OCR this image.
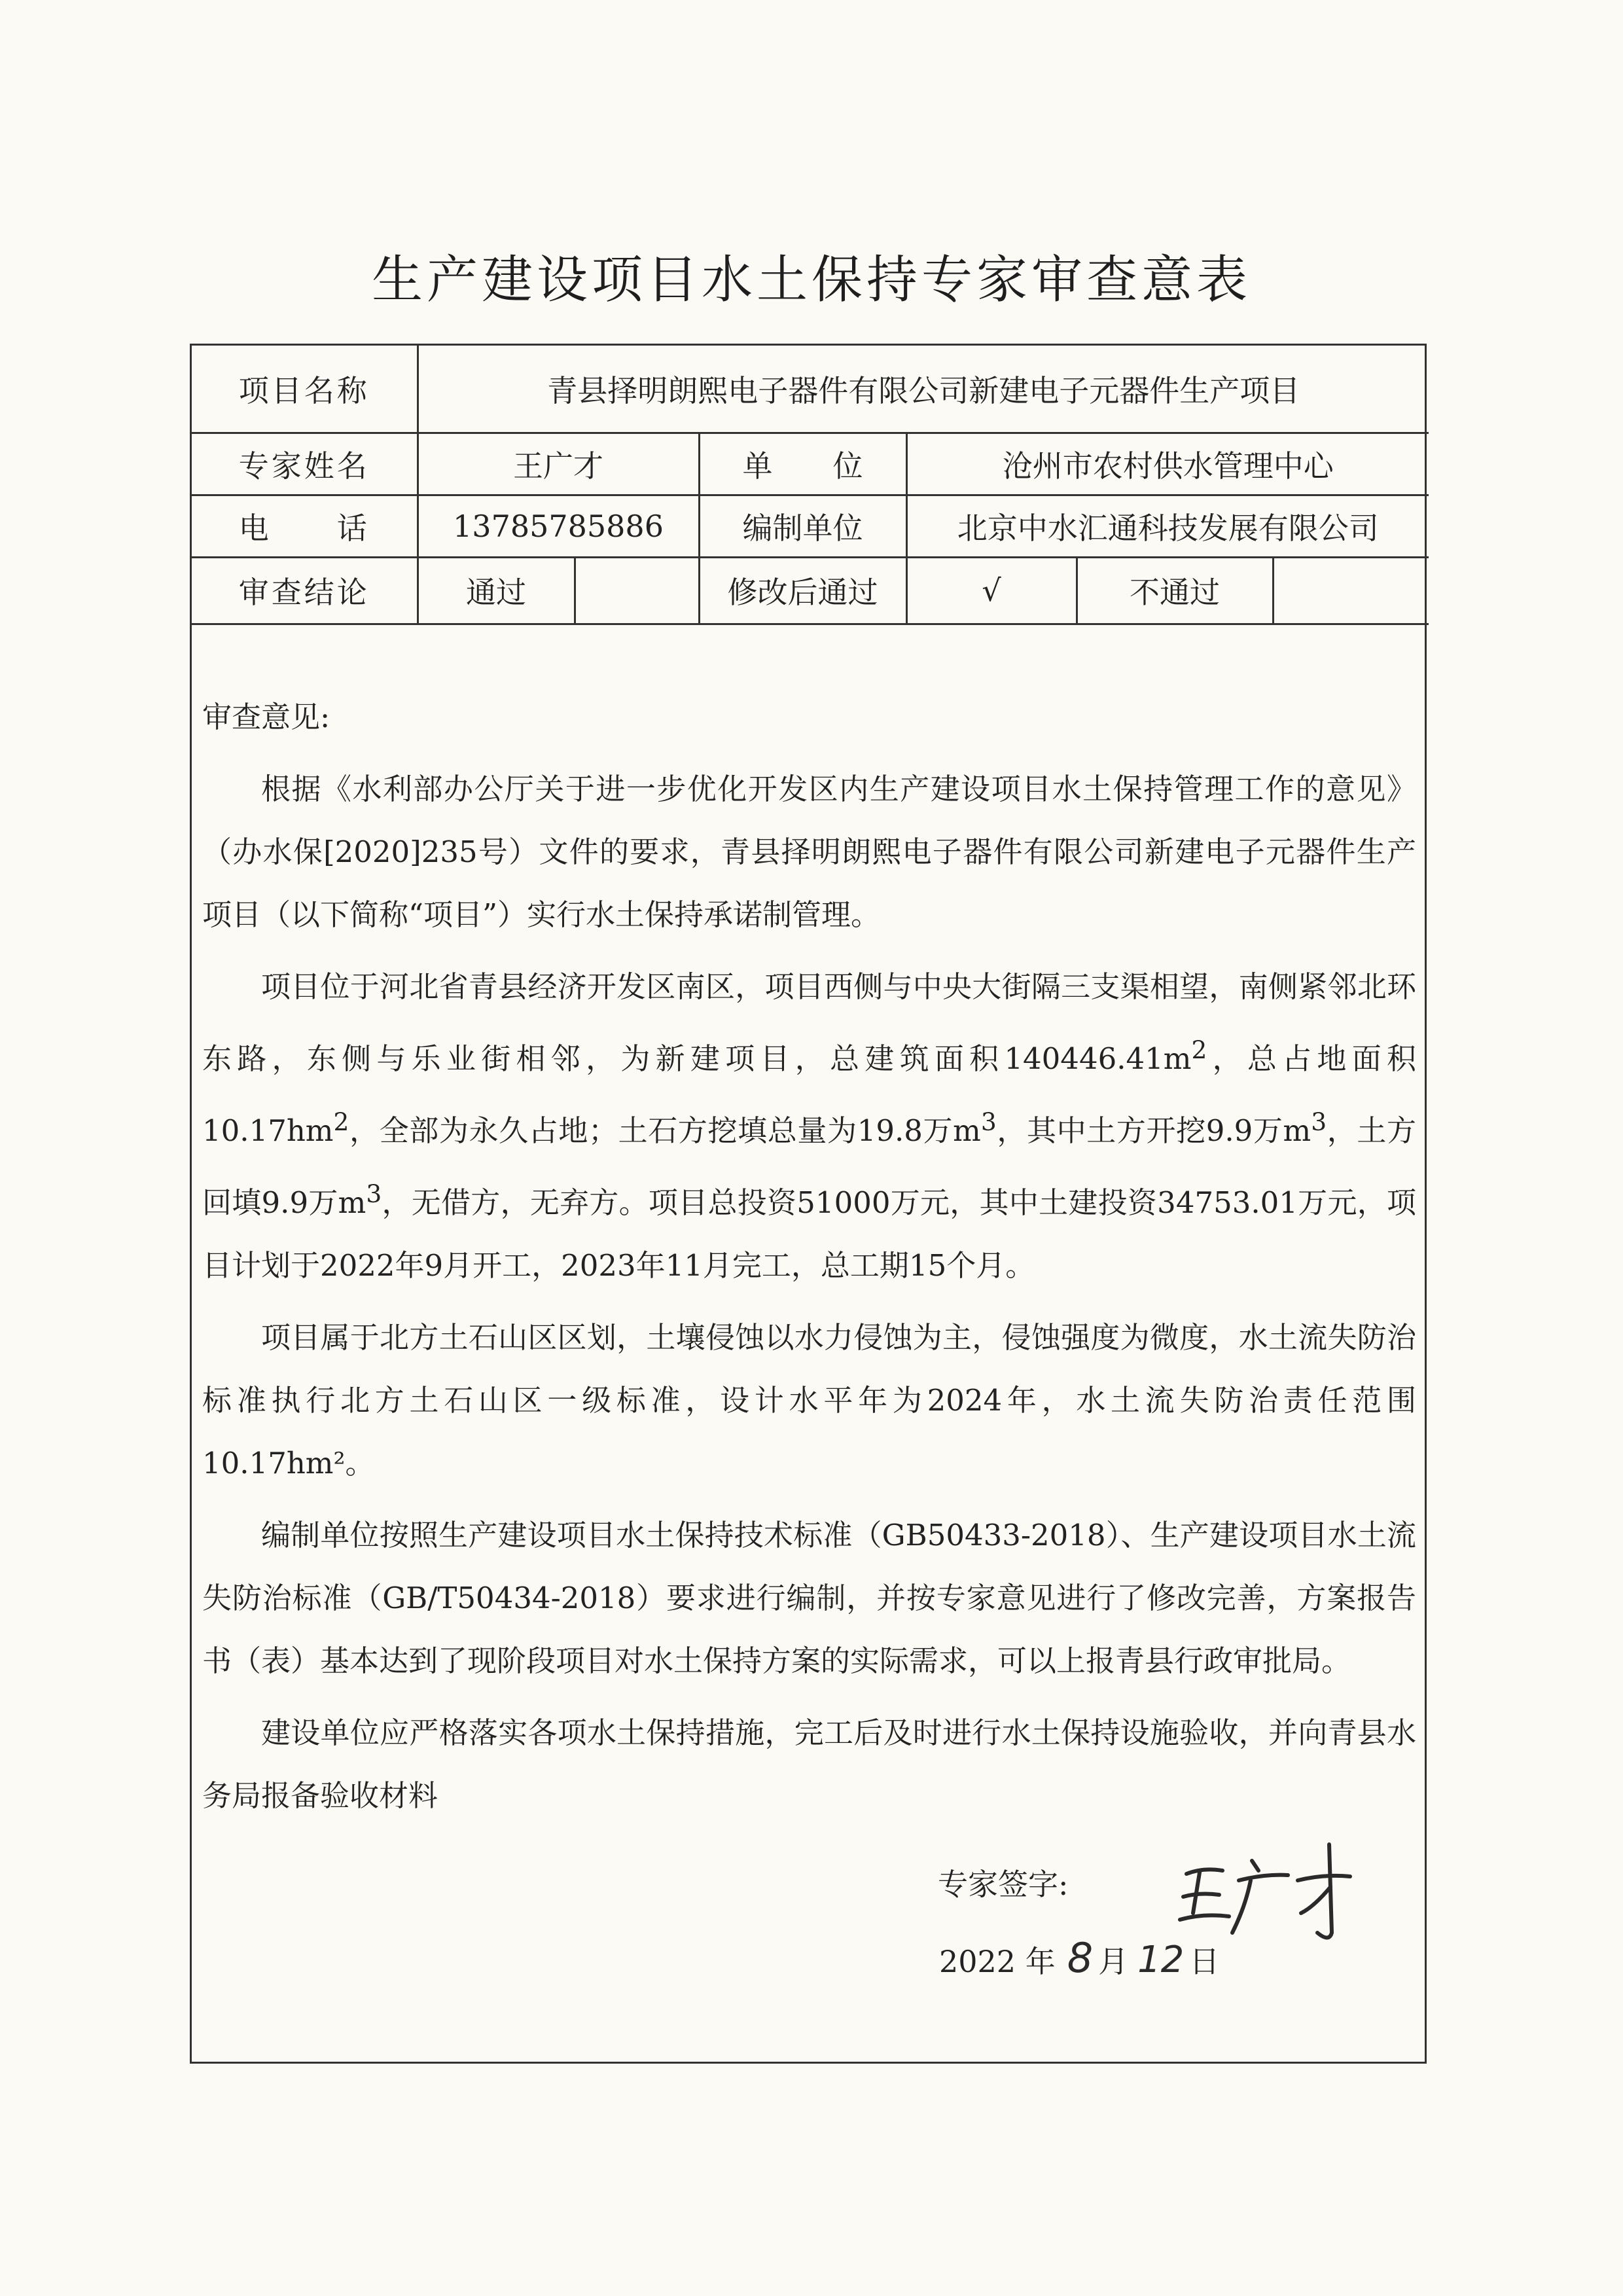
生产建设项目水土保持专家审查意表
项目名称	青县择明朗熙电子器件有限公司新建电子元器件生产项目					
专家姓名	王广才		单　　位	沧州市农村供水管理中心		
电　　话	13785785886		编制单位	北京中水汇通科技发展有限公司		
审查结论	通过		修改后通过	√	不通过	

审查意见:

根据《水利部办公厅关于进一步优化开发区内生产建设项目水土保持管理工作的意见》（办水保[2020]235号）文件的要求，青县择明朗熙电子器件有限公司新建电子元器件生产项目（以下简称“项目”）实行水土保持承诺制管理。

项目位于河北省青县经济开发区南区，项目西侧与中央大街隔三支渠相望，南侧紧邻北环东路，东侧与乐业街相邻，为新建项目，总建筑面积$140446.41m^2$，总占地面积$10.17hm^2$，全部为永久占地；土石方挖填总量为19.8万$m^3$，其中土方开挖9.9万$m^3$，土方回填9.9万$m^3$，无借方，无弃方。项目总投资51000万元，其中土建投资34753.01万元，项目计划于2022年9月开工，2023年11月完工，总工期15个月。

项目属于北方土石山区区划，土壤侵蚀以水力侵蚀为主，侵蚀强度为微度，水土流失防治标准执行北方土石山区一级标准，设计水平年为2024年，水土流失防治责任范围10.17hm²。

编制单位按照生产建设项目水土保持技术标准（GB50433-2018）、生产建设项目水土流失防治标准（GB/T50434-2018）要求进行编制，并按专家意见进行了修改完善，方案报告书（表）基本达到了现阶段项目对水土保持方案的实际需求，可以上报青县行政审批局。

建设单位应严格落实各项水土保持措施，完工后及时进行水土保持设施验收，并向青县水务局报备验收材料

专家签字:
2022 年 8 月 12 日
